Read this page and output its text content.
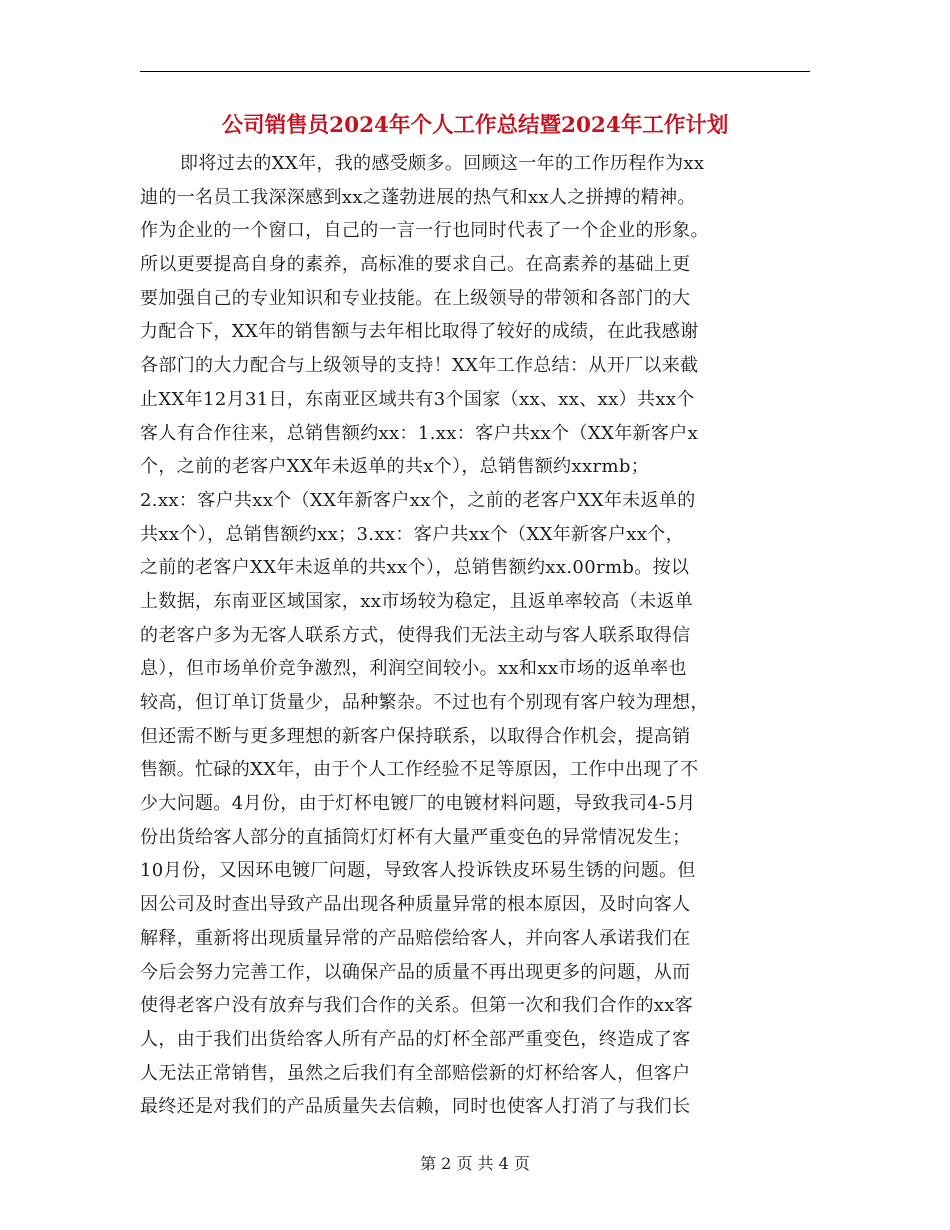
公司销售员2024年个人工作总结暨2024年工作计划
即将过去的XX年，我的感受颇多。回顾这一年的工作历程作为xx
迪的一名员工我深深感到xx之蓬勃进展的热气和xx人之拼搏的精神。
作为企业的一个窗口，自己的一言一行也同时代表了一个企业的形象。
所以更要提高自身的素养，高标准的要求自己。在高素养的基础上更
要加强自己的专业知识和专业技能。在上级领导的带领和各部门的大
力配合下，XX年的销售额与去年相比取得了较好的成绩，在此我感谢
各部门的大力配合与上级领导的支持！XX年工作总结：从开厂以来截
止XX年12月31日，东南亚区域共有3个国家（xx、xx、xx）共xx个
客人有合作往来，总销售额约xx：1.xx：客户共xx个（XX年新客户x
个，之前的老客户XX年未返单的共x个），总销售额约xxrmb；
2.xx：客户共xx个（XX年新客户xx个，之前的老客户XX年未返单的
共xx个），总销售额约xx；3.xx：客户共xx个（XX年新客户xx个，
之前的老客户XX年未返单的共xx个），总销售额约xx.00rmb。按以
上数据，东南亚区域国家，xx市场较为稳定，且返单率较高（未返单
的老客户多为无客人联系方式，使得我们无法主动与客人联系取得信
息），但市场单价竞争激烈，利润空间较小。xx和xx市场的返单率也
较高，但订单订货量少，品种繁杂。不过也有个别现有客户较为理想，
但还需不断与更多理想的新客户保持联系，以取得合作机会，提高销
售额。忙碌的XX年，由于个人工作经验不足等原因，工作中出现了不
少大问题。4月份，由于灯杯电镀厂的电镀材料问题，导致我司4-5月
份出货给客人部分的直插筒灯灯杯有大量严重变色的异常情况发生；
10月份，又因环电镀厂问题，导致客人投诉铁皮环易生锈的问题。但
因公司及时查出导致产品出现各种质量异常的根本原因，及时向客人
解释，重新将出现质量异常的产品赔偿给客人，并向客人承诺我们在
今后会努力完善工作，以确保产品的质量不再出现更多的问题，从而
使得老客户没有放弃与我们合作的关系。但第一次和我们合作的xx客
人，由于我们出货给客人所有产品的灯杯全部严重变色，终造成了客
人无法正常销售，虽然之后我们有全部赔偿新的灯杯给客人，但客户
最终还是对我们的产品质量失去信赖，同时也使客人打消了与我们长
第 2 页 共 4 页
